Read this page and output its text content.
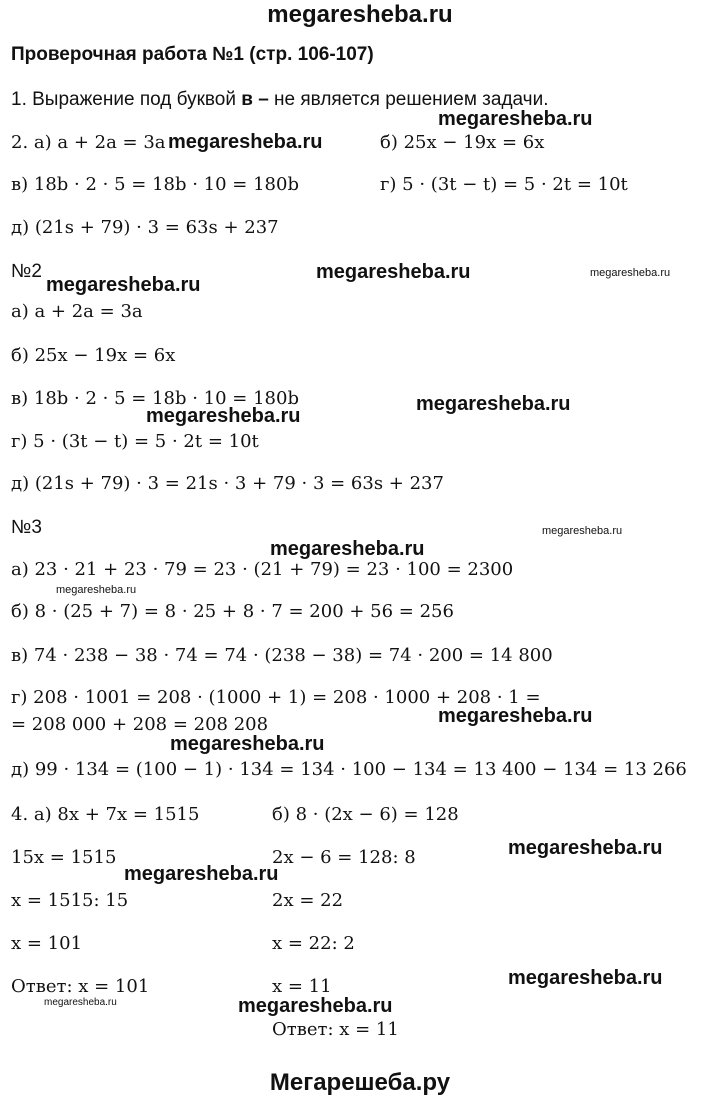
megaresheba.ru
Проверочная работа №1 (стр. 106-107)
1. Выражение под буквой в – не является решением задачи.
2. а) a + 2a = 3a	б) 25x − 19x = 6x
в) 18b · 2 · 5 = 18b · 10 = 180b	г) 5 · (3t − t) = 5 · 2t = 10t
д) (21s + 79) · 3 = 63s + 237
№2
а) a + 2a = 3a
б) 25x − 19x = 6x
в) 18b · 2 · 5 = 18b · 10 = 180b
г) 5 · (3t − t) = 5 · 2t = 10t
д) (21s + 79) · 3 = 21s · 3 + 79 · 3 = 63s + 237
№3
а) 23 · 21 + 23 · 79 = 23 · (21 + 79) = 23 · 100 = 2300
б) 8 · (25 + 7) = 8 · 25 + 8 · 7 = 200 + 56 = 256
в) 74 · 238 − 38 · 74 = 74 · (238 − 38) = 74 · 200 = 14 800
г) 208 · 1001 = 208 · (1000 + 1) = 208 · 1000 + 208 · 1 =
= 208 000 + 208 = 208 208
д) 99 · 134 = (100 − 1) · 134 = 134 · 100 − 134 = 13 400 − 134 = 13 266
4. а) 8x + 7x = 1515
15x = 1515
x = 1515: 15
x = 101
Ответ: x = 101
б) 8 · (2x − 6) = 128
2x − 6 = 128: 8
2x = 22
x = 22: 2
x = 11
Ответ: x = 11
megaresheba.ru
megaresheba.ru
megaresheba.ru
megaresheba.ru
megaresheba.ru
megaresheba.ru
megaresheba.ru
megaresheba.ru
megaresheba.ru
megaresheba.ru
megaresheba.ru
megaresheba.ru
megaresheba.ru
megaresheba.ru
megaresheba.ru
megaresheba.ru
megaresheba.ru
Мегарешеба.ру
